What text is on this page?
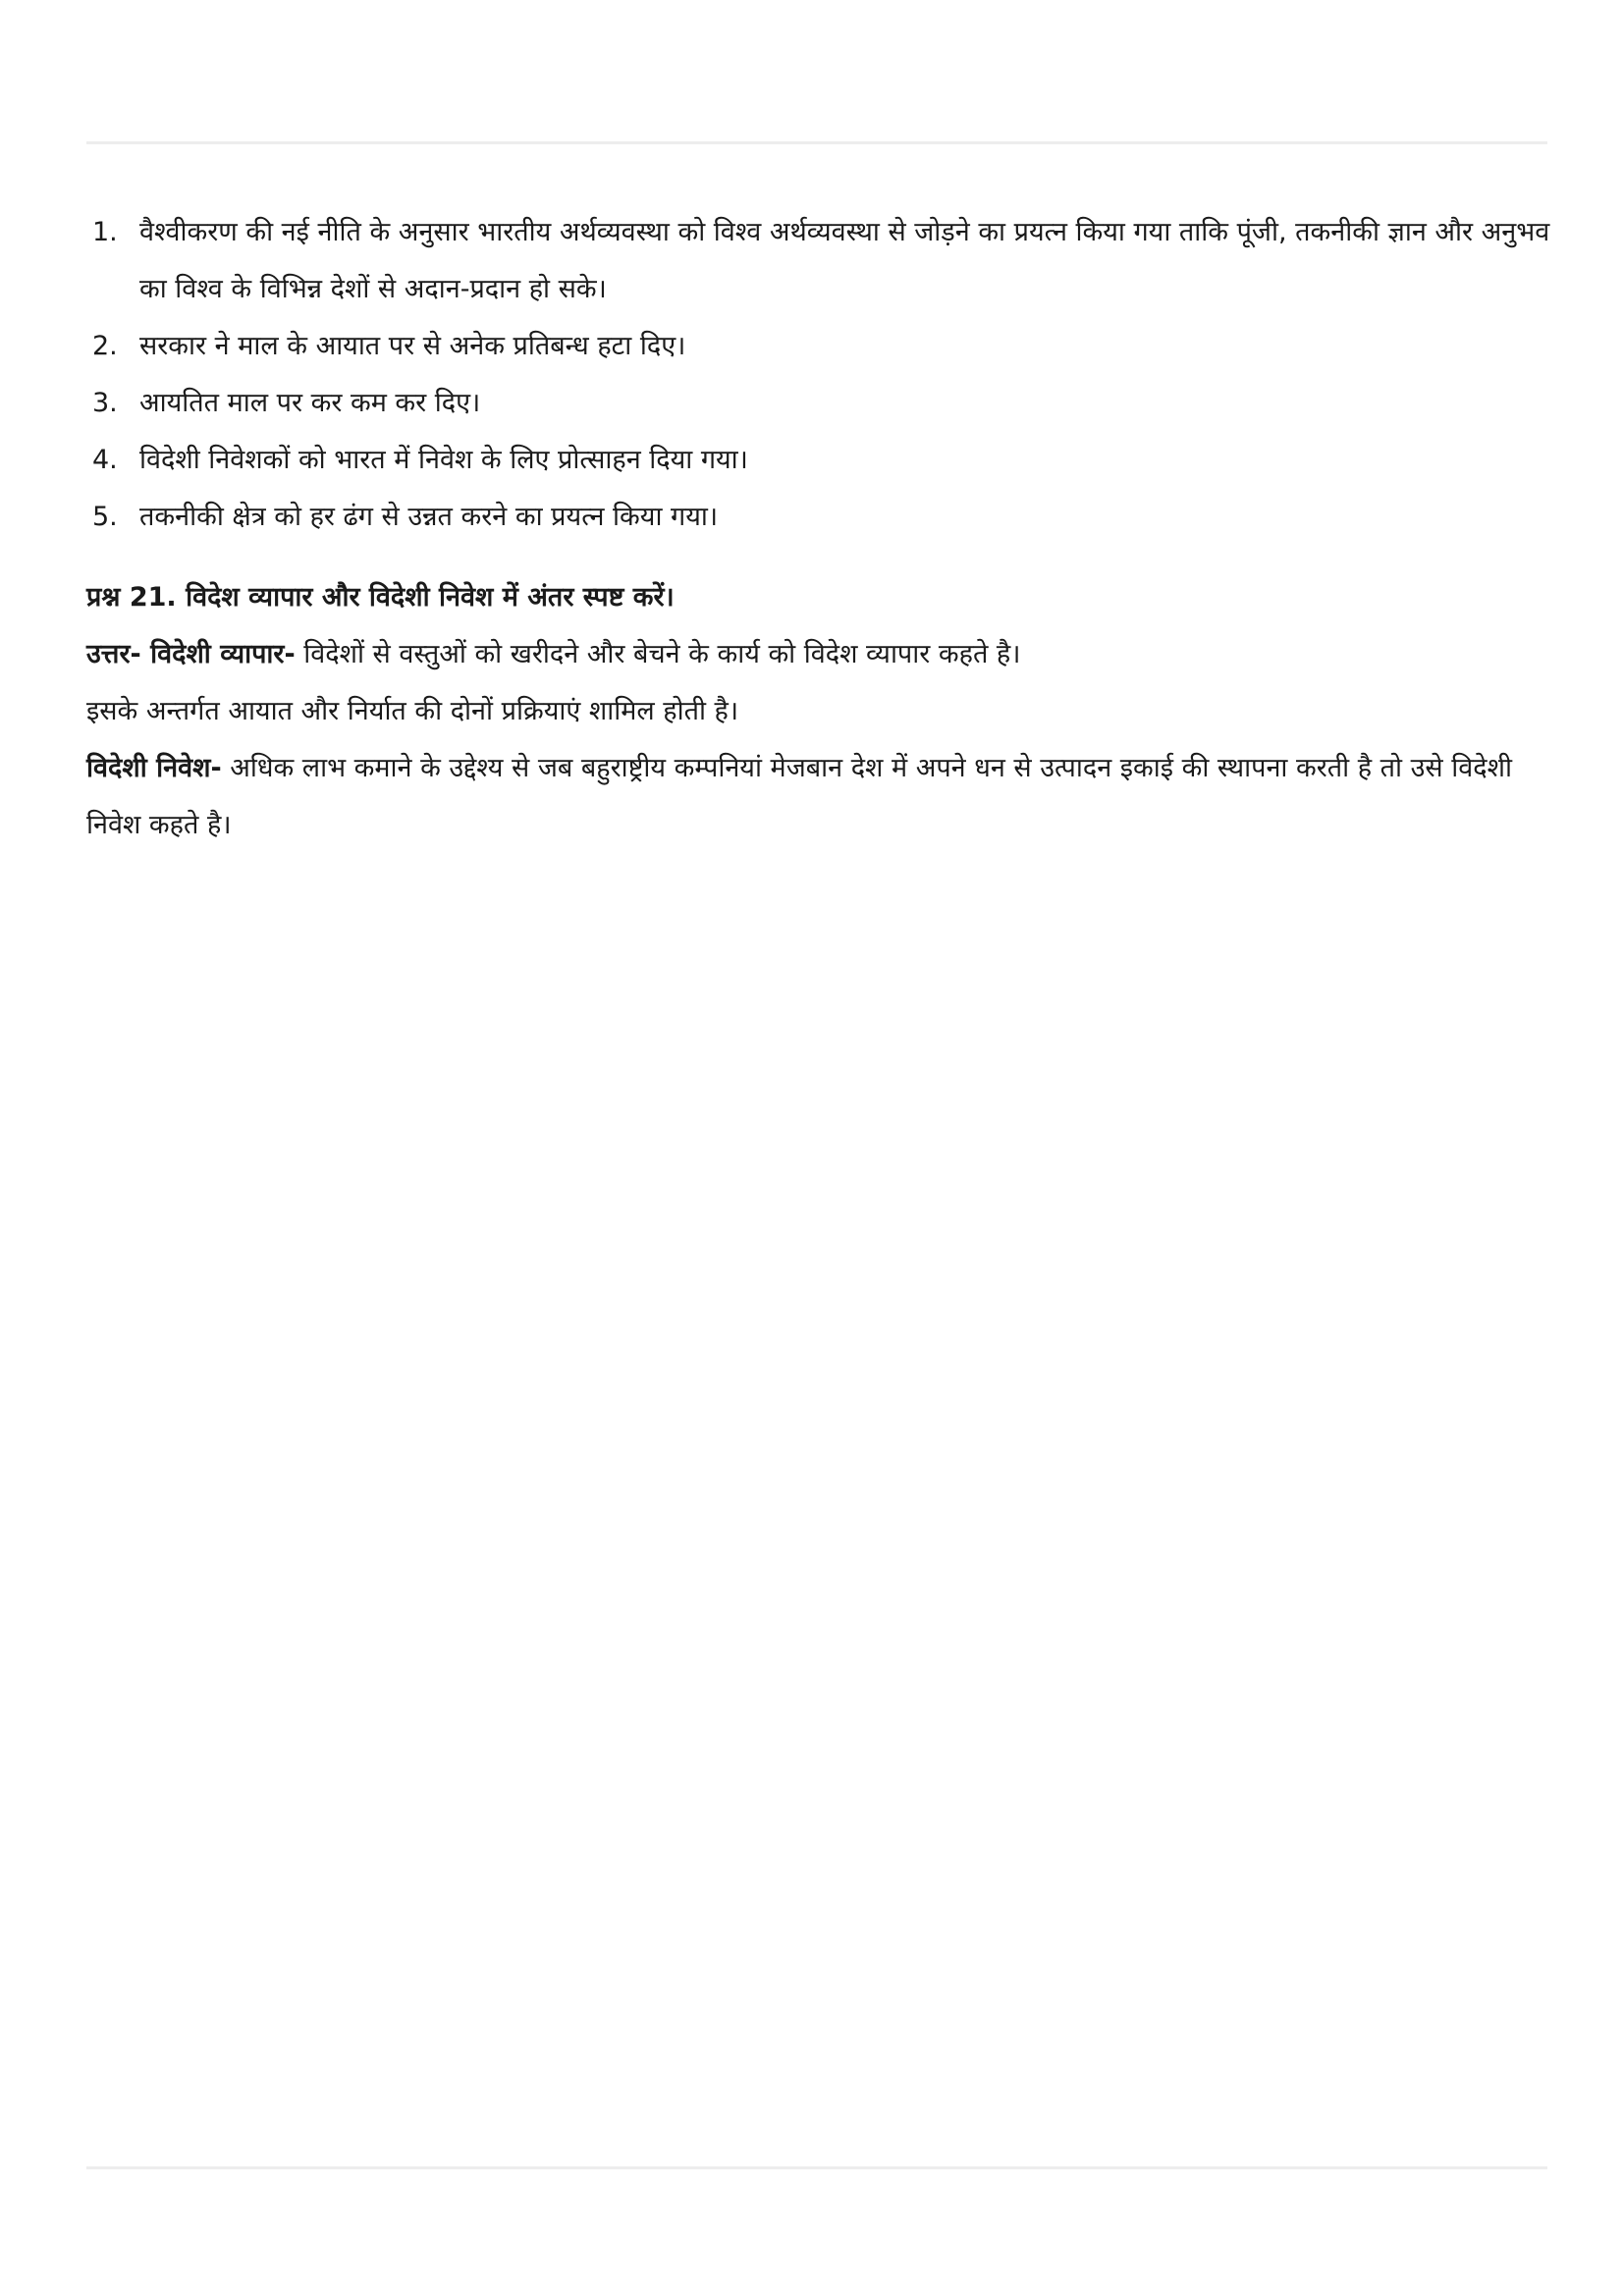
1. वैश्वीकरण की नई नीति के अनुसार भारतीय अर्थव्यवस्था को विश्व अर्थव्यवस्था से जोड़ने का प्रयत्न किया गया ताकि पूंजी, तकनीकी ज्ञान और अनुभव का विश्व के विभिन्न देशों से अदान-प्रदान हो सके।
2. सरकार ने माल के आयात पर से अनेक प्रतिबन्ध हटा दिए।
3. आयतित माल पर कर कम कर दिए।
4. विदेशी निवेशकों को भारत में निवेश के लिए प्रोत्साहन दिया गया।
5. तकनीकी क्षेत्र को हर ढंग से उन्नत करने का प्रयत्न किया गया।
प्रश्न 21. विदेश व्यापार और विदेशी निवेश में अंतर स्पष्ट करें।

उत्तर- विदेशी व्यापार- विदेशों से वस्तुओं को खरीदने और बेचने के कार्य को विदेश व्यापार कहते है।

इसके अन्तर्गत आयात और निर्यात की दोनों प्रक्रियाएं शामिल होती है।

विदेशी निवेश- अधिक लाभ कमाने के उद्देश्य से जब बहुराष्ट्रीय कम्पनियां मेजबान देश में अपने धन से उत्पादन इकाई की स्थापना करती है तो उसे विदेशी निवेश कहते है।
